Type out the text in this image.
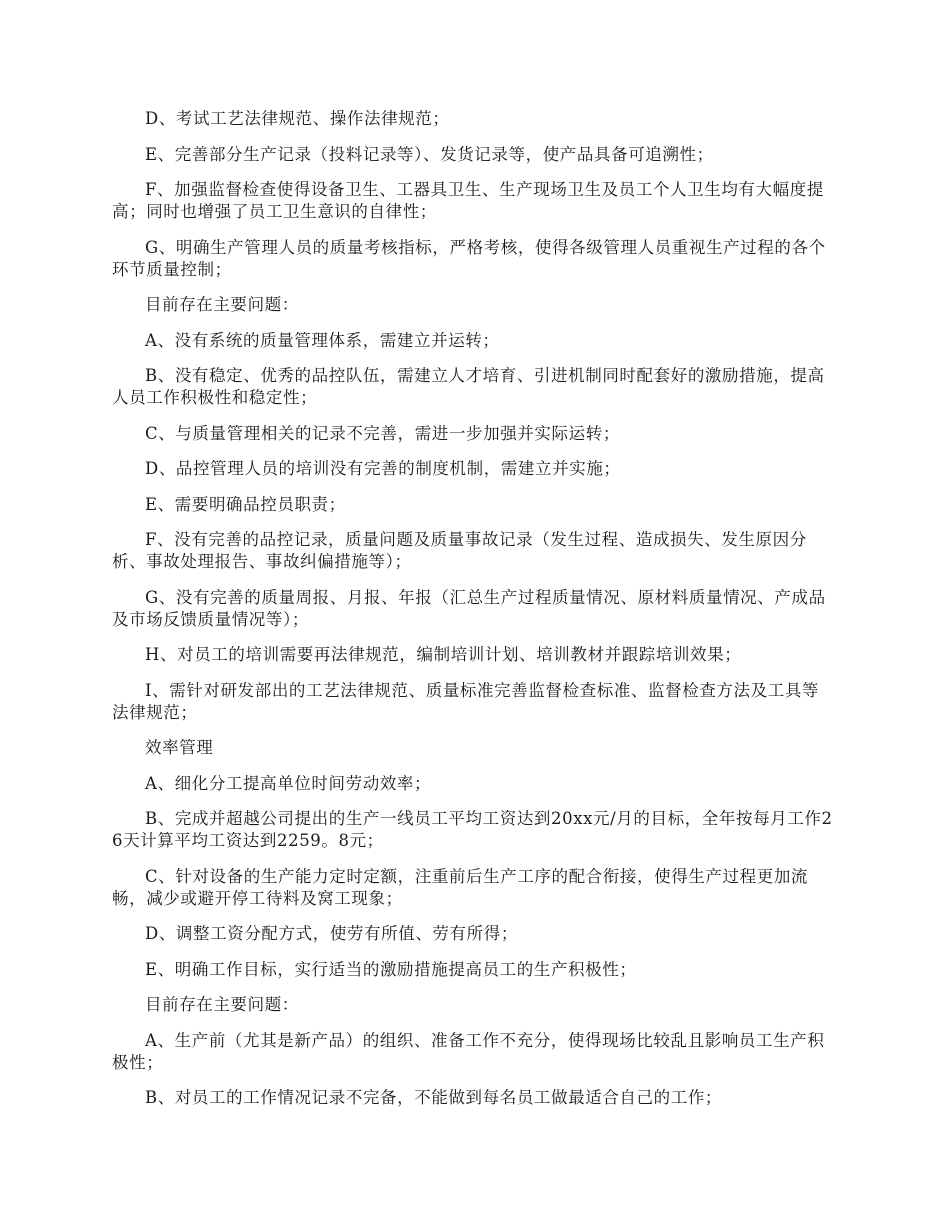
D、考试工艺法律规范、操作法律规范；

E、完善部分生产记录（投料记录等）、发货记录等，使产品具备可追溯性；

F、加强监督检查使得设备卫生、工器具卫生、生产现场卫生及员工个人卫生均有大幅度提高；同时也增强了员工卫生意识的自律性；

G、明确生产管理人员的质量考核指标，严格考核，使得各级管理人员重视生产过程的各个环节质量控制；

目前存在主要问题：

A、没有系统的质量管理体系，需建立并运转；

B、没有稳定、优秀的品控队伍，需建立人才培育、引进机制同时配套好的激励措施，提高人员工作积极性和稳定性；

C、与质量管理相关的记录不完善，需进一步加强并实际运转；

D、品控管理人员的培训没有完善的制度机制，需建立并实施；

E、需要明确品控员职责；

F、没有完善的品控记录，质量问题及质量事故记录（发生过程、造成损失、发生原因分析、事故处理报告、事故纠偏措施等）；

G、没有完善的质量周报、月报、年报（汇总生产过程质量情况、原材料质量情况、产成品及市场反馈质量情况等）；

H、对员工的培训需要再法律规范，编制培训计划、培训教材并跟踪培训效果；

I、需针对研发部出的工艺法律规范、质量标准完善监督检查标准、监督检查方法及工具等法律规范；

效率管理

A、细化分工提高单位时间劳动效率；

B、完成并超越公司提出的生产一线员工平均工资达到20xx元/月的目标，全年按每月工作26天计算平均工资达到2259。8元；

C、针对设备的生产能力定时定额，注重前后生产工序的配合衔接，使得生产过程更加流畅，减少或避开停工待料及窝工现象；

D、调整工资分配方式，使劳有所值、劳有所得；

E、明确工作目标，实行适当的激励措施提高员工的生产积极性；

目前存在主要问题：

A、生产前（尤其是新产品）的组织、准备工作不充分，使得现场比较乱且影响员工生产积极性；

B、对员工的工作情况记录不完备，不能做到每名员工做最适合自己的工作；
